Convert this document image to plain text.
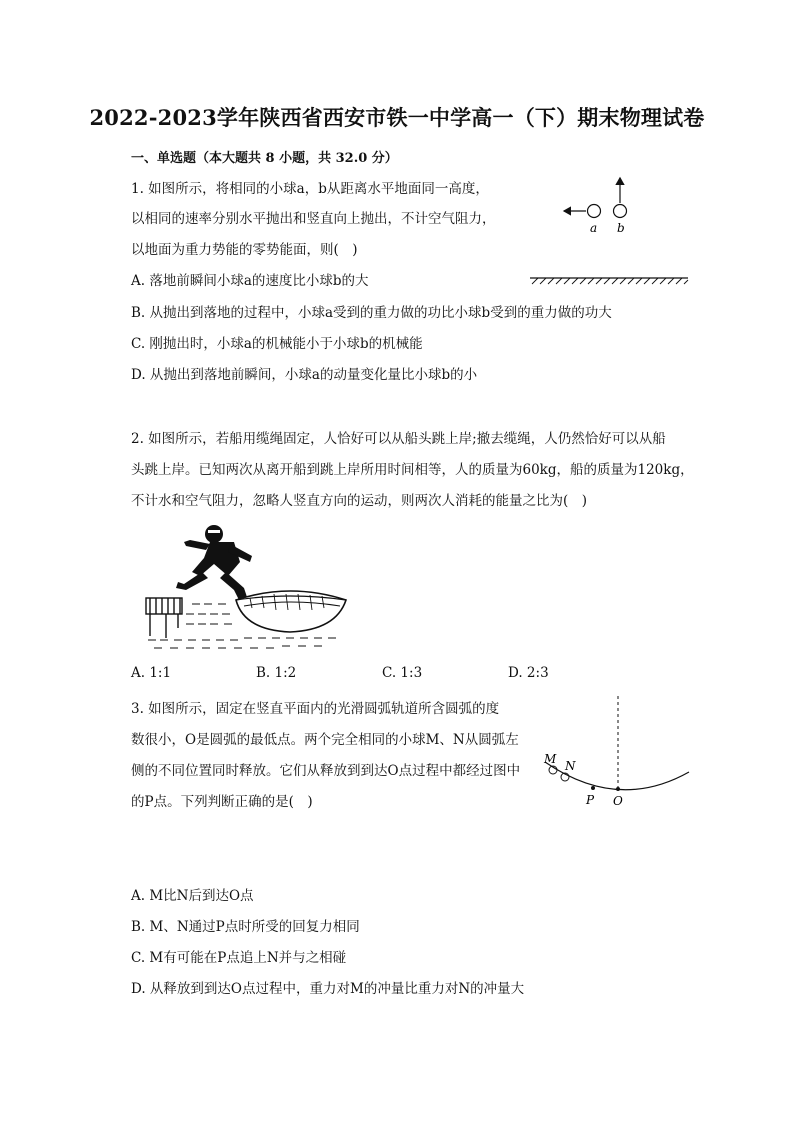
2022-2023学年陕西省西安市铁一中学高一（下）期末物理试卷
一、单选题（本大题共 8 小题，共 32.0 分）
1. 如图所示，将相同的小球a，b从距离水平地面同一高度，
以相同的速率分别水平抛出和竖直向上抛出，不计空气阻力，
以地面为重力势能的零势能面，则(　)
A. 落地前瞬间小球a的速度比小球b的大
B. 从抛出到落地的过程中，小球a受到的重力做的功比小球b受到的重力做的功大
C. 刚抛出时，小球a的机械能小于小球b的机械能
D. 从抛出到落地前瞬间，小球a的动量变化量比小球b的小
a b
2. 如图所示，若船用缆绳固定，人恰好可以从船头跳上岸;撤去缆绳，人仍然恰好可以从船
头跳上岸。已知两次从离开船到跳上岸所用时间相等，人的质量为60kg，船的质量为120kg，
不计水和空气阻力，忽略人竖直方向的运动，则两次人消耗的能量之比为(　)
A. 1:1	B. 1:2	C. 1:3	D. 2:3
3. 如图所示，固定在竖直平面内的光滑圆弧轨道所含圆弧的度
数很小，O是圆弧的最低点。两个完全相同的小球M、N从圆弧左
侧的不同位置同时释放。它们从释放到到达O点过程中都经过图中
的P点。下列判断正确的是(　)
M N
P O
A. M比N后到达O点
B. M、N通过P点时所受的回复力相同
C. M有可能在P点追上N并与之相碰
D. 从释放到到达O点过程中，重力对M的冲量比重力对N的冲量大
